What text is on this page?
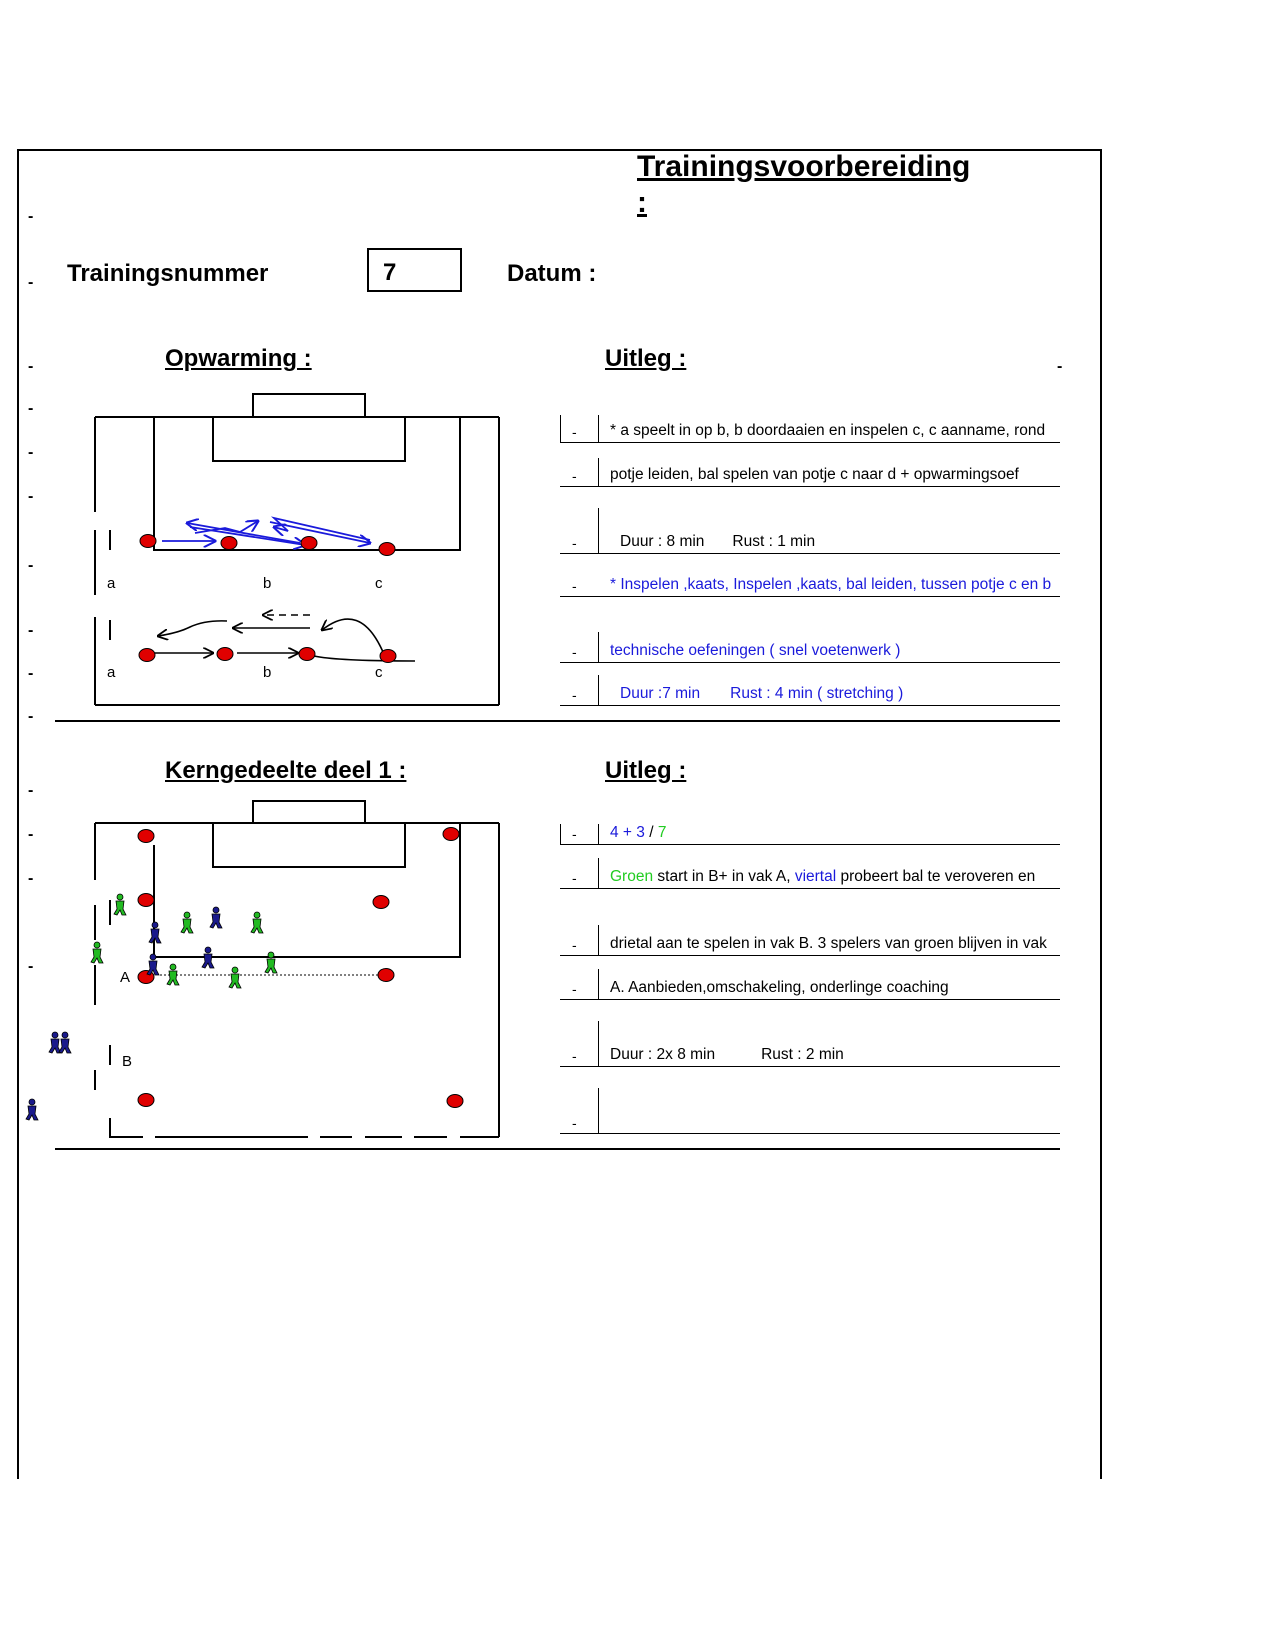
Trainingsvoorbereiding
:
Trainingsnummer	7	Datum :
-
-
-	-
-
-
-
-
-
-
-
-
-
-
-
Opwarming :	Uitleg :
a	b	c
a	b	c
A
B
- * a speelt in op b, b doordaaien en inspelen c, c aanname, rond
- potje leiden, bal spelen van potje c naar d + opwarmingsoef
-	Duur : 8 min Rust : 1 min
- * Inspelen ,kaats, Inspelen ,kaats, bal leiden, tussen potje c en b
- technische oefeningen ( snel voetenwerk )
-	Duur :7 min Rust : 4 min ( stretching )
Kerngedeelte deel 1 :	Uitleg :
- 4 + 3 / 7
- Groen start in B+ in vak A, viertal probeert bal te veroveren en
- drietal aan te spelen in vak B. 3 spelers van groen blijven in vak
- A. Aanbieden,omschakeling, onderlinge coaching
- Duur : 2x 8 min	Rust : 2 min
-
